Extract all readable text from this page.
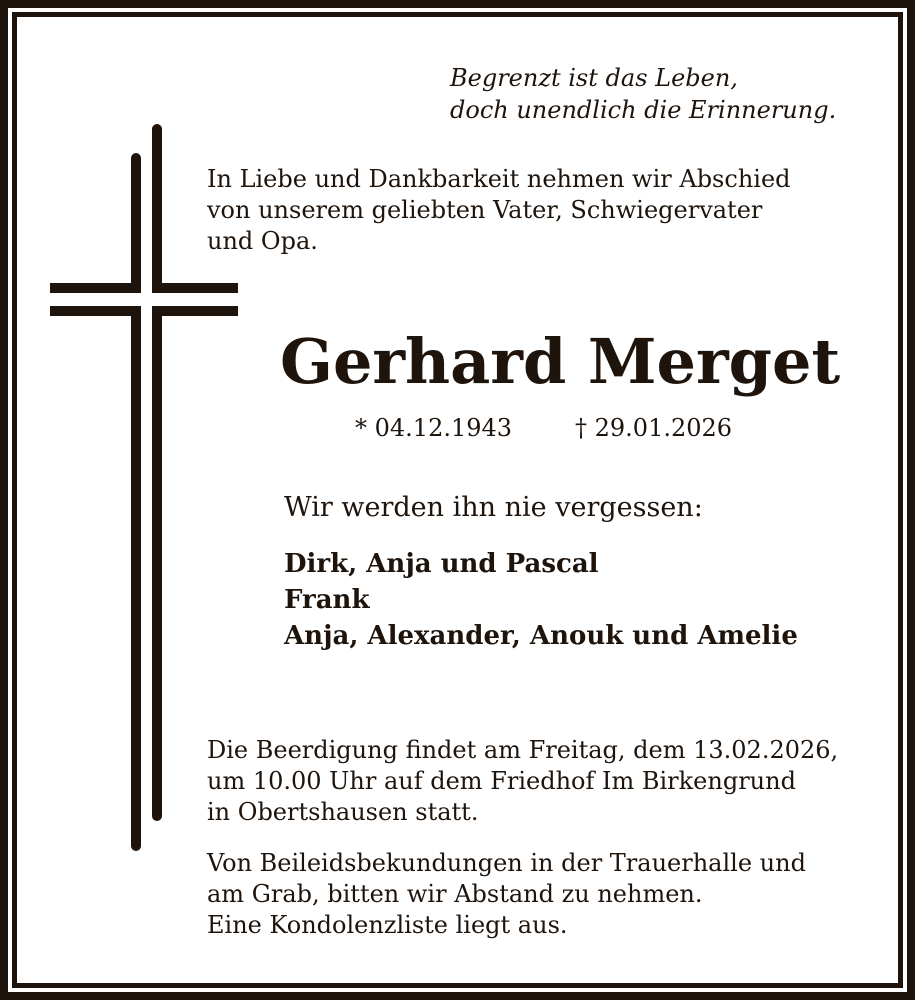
Begrenzt ist das Leben,
doch unendlich die Erinnerung.
In Liebe und Dankbarkeit nehmen wir Abschied
von unserem geliebten Vater, Schwiegervater
und Opa.
Gerhard Merget
* 04.12.1943	† 29.01.2026
Wir werden ihn nie vergessen:
Dirk, Anja und Pascal
Frank
Anja, Alexander, Anouk und Amelie
Die Beerdigung findet am Freitag, dem 13.02.2026,
um 10.00 Uhr auf dem Friedhof Im Birkengrund
in Obertshausen statt.
Von Beileidsbekundungen in der Trauerhalle und
am Grab, bitten wir Abstand zu nehmen.
Eine Kondolenzliste liegt aus.
